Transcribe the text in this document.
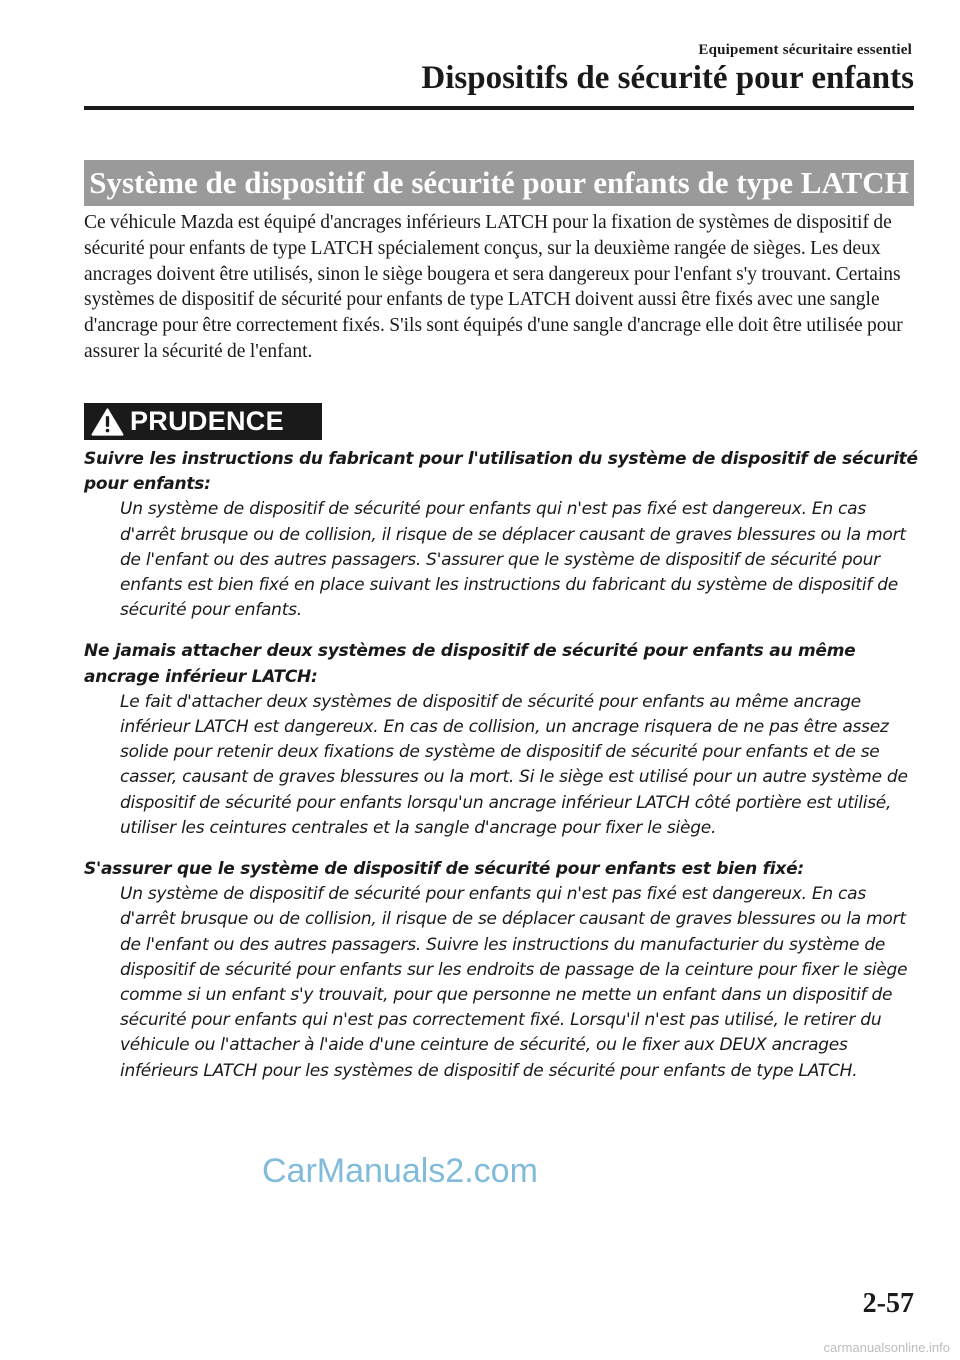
Equipement sécuritaire essentiel
Dispositifs de sécurité pour enfants
Système de dispositif de sécurité pour enfants de type LATCH

Ce véhicule Mazda est équipé d'ancrages inférieurs LATCH pour la fixation de systèmes de dispositif de sécurité pour enfants de type LATCH spécialement conçus, sur la deuxième rangée de sièges. Les deux ancrages doivent être utilisés, sinon le siège bougera et sera dangereux pour l'enfant s'y trouvant. Certains systèmes de dispositif de sécurité pour enfants de type LATCH doivent aussi être fixés avec une sangle d'ancrage pour être correctement fixés. S'ils sont équipés d'une sangle d'ancrage elle doit être utilisée pour assurer la sécurité de l'enfant.

PRUDENCE

Suivre les instructions du fabricant pour l'utilisation du système de dispositif de sécurité pour enfants:

Un système de dispositif de sécurité pour enfants qui n'est pas fixé est dangereux. En cas d'arrêt brusque ou de collision, il risque de se déplacer causant de graves blessures ou la mort de l'enfant ou des autres passagers. S'assurer que le système de dispositif de sécurité pour enfants est bien fixé en place suivant les instructions du fabricant du système de dispositif de sécurité pour enfants.

Ne jamais attacher deux systèmes de dispositif de sécurité pour enfants au même ancrage inférieur LATCH:

Le fait d'attacher deux systèmes de dispositif de sécurité pour enfants au même ancrage inférieur LATCH est dangereux. En cas de collision, un ancrage risquera de ne pas être assez solide pour retenir deux fixations de système de dispositif de sécurité pour enfants et de se casser, causant de graves blessures ou la mort. Si le siège est utilisé pour un autre système de dispositif de sécurité pour enfants lorsqu'un ancrage inférieur LATCH côté portière est utilisé, utiliser les ceintures centrales et la sangle d'ancrage pour fixer le siège.

S'assurer que le système de dispositif de sécurité pour enfants est bien fixé:

Un système de dispositif de sécurité pour enfants qui n'est pas fixé est dangereux. En cas d'arrêt brusque ou de collision, il risque de se déplacer causant de graves blessures ou la mort de l'enfant ou des autres passagers. Suivre les instructions du manufacturier du système de dispositif de sécurité pour enfants sur les endroits de passage de la ceinture pour fixer le siège comme si un enfant s'y trouvait, pour que personne ne mette un enfant dans un dispositif de sécurité pour enfants qui n'est pas correctement fixé. Lorsqu'il n'est pas utilisé, le retirer du véhicule ou l'attacher à l'aide d'une ceinture de sécurité, ou le fixer aux DEUX ancrages inférieurs LATCH pour les systèmes de dispositif de sécurité pour enfants de type LATCH.

CarManuals2.com
2-57
carmanualsonline.info
